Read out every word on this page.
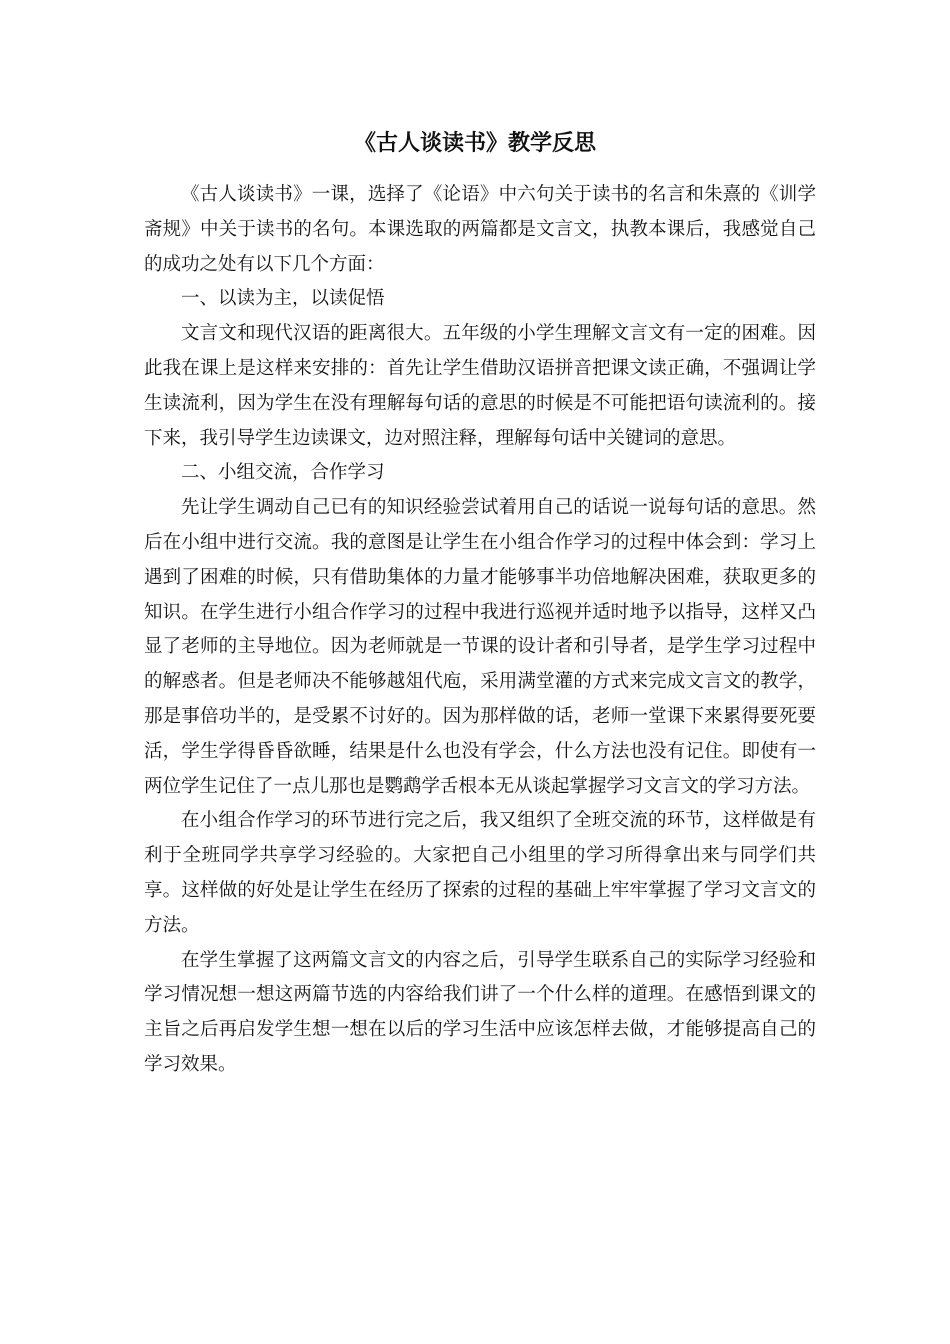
《古人谈读书》教学反思

《古人谈读书》一课，选择了《论语》中六句关于读书的名言和朱熹的《训学斋规》中关于读书的名句。本课选取的两篇都是文言文，执教本课后，我感觉自己的成功之处有以下几个方面：

一、以读为主，以读促悟

文言文和现代汉语的距离很大。五年级的小学生理解文言文有一定的困难。因此我在课上是这样来安排的：首先让学生借助汉语拼音把课文读正确，不强调让学生读流利，因为学生在没有理解每句话的意思的时候是不可能把语句读流利的。接下来，我引导学生边读课文，边对照注释，理解每句话中关键词的意思。

二、小组交流，合作学习

先让学生调动自己已有的知识经验尝试着用自己的话说一说每句话的意思。然后在小组中进行交流。我的意图是让学生在小组合作学习的过程中体会到：学习上遇到了困难的时候，只有借助集体的力量才能够事半功倍地解决困难，获取更多的知识。在学生进行小组合作学习的过程中我进行巡视并适时地予以指导，这样又凸显了老师的主导地位。因为老师就是一节课的设计者和引导者，是学生学习过程中的解惑者。但是老师决不能够越俎代庖，采用满堂灌的方式来完成文言文的教学，那是事倍功半的，是受累不讨好的。因为那样做的话，老师一堂课下来累得要死要活，学生学得昏昏欲睡，结果是什么也没有学会，什么方法也没有记住。即使有一两位学生记住了一点儿那也是鹦鹉学舌根本无从谈起掌握学习文言文的学习方法。

在小组合作学习的环节进行完之后，我又组织了全班交流的环节，这样做是有利于全班同学共享学习经验的。大家把自己小组里的学习所得拿出来与同学们共享。这样做的好处是让学生在经历了探索的过程的基础上牢牢掌握了学习文言文的方法。

在学生掌握了这两篇文言文的内容之后，引导学生联系自己的实际学习经验和学习情况想一想这两篇节选的内容给我们讲了一个什么样的道理。在感悟到课文的主旨之后再启发学生想一想在以后的学习生活中应该怎样去做，才能够提高自己的学习效果。
